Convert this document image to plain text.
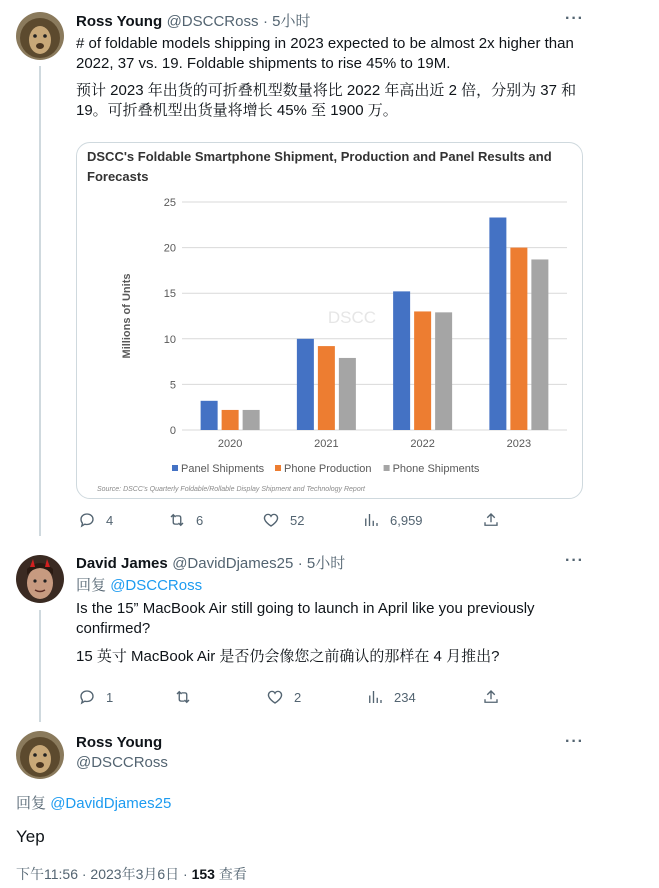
Ross Young @DSCCRoss · 5小时	···
# of foldable models shipping in 2023 expected to be almost 2x higher than 2022, 37 vs. 19. Foldable shipments to rise 45% to 19M.
预计 2023 年出货的可折叠机型数量将比 2022 年高出近 2 倍，分别为 37 和 19。可折叠机型出货量将增长 45% 至 1900 万。
DSCC's Foldable Smartphone Shipment, Production and Panel Results and Forecasts
0
5
10
15
20
25
Millions of Units	DSCC
2020	2021	2022	2023
Panel Shipments Phone Production Phone Shipments
Source: DSCC's Quarterly Foldable/Rollable Display Shipment and Technology Report
4	6	52	6,959
David James @DavidDjames25 · 5小时	···
回复 @DSCCRoss
Is the 15” MacBook Air still going to launch in April like you previously confirmed?
15 英寸 MacBook Air 是否仍会像您之前确认的那样在 4 月推出?
1	2	234
Ross Young
@DSCCRoss
···
回复 @DavidDjames25
Yep
下午11:56 · 2023年3月6日 · 153 查看
